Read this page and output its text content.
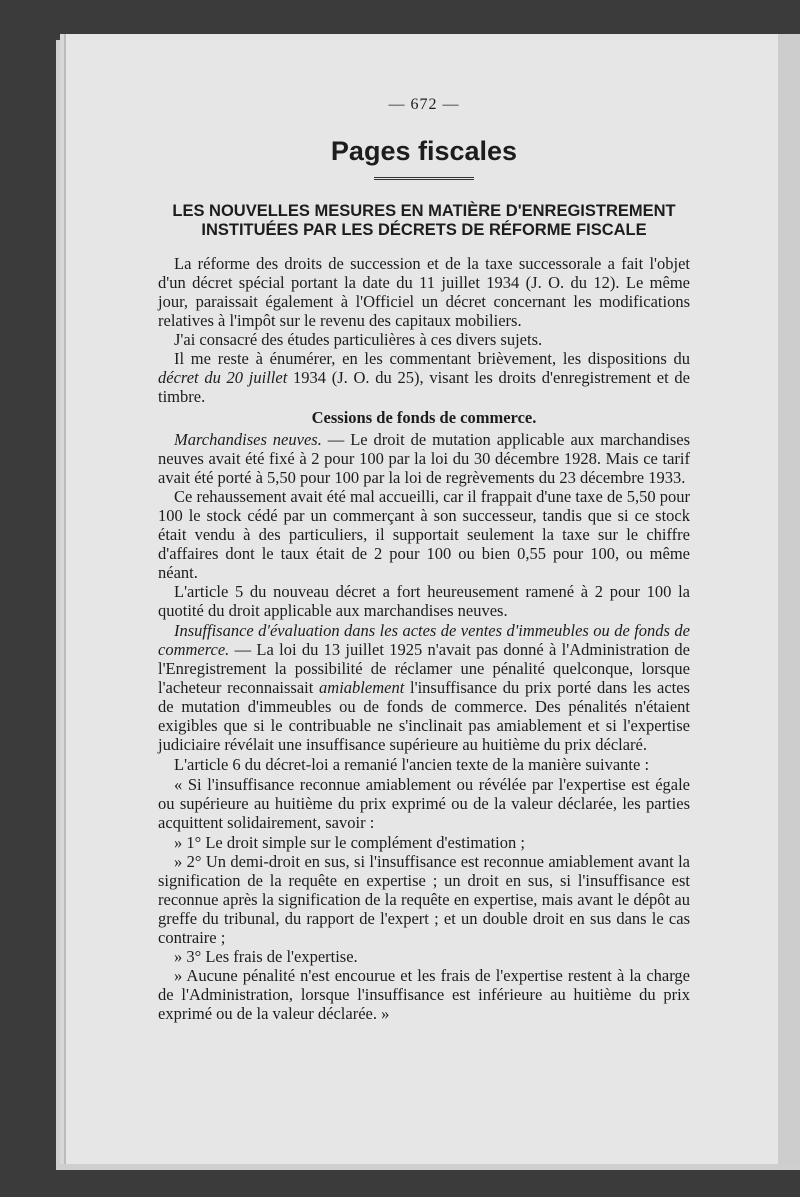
— 672 —
Pages fiscales
LES NOUVELLES MESURES EN MATIÈRE D'ENREGISTREMENT INSTITUÉES PAR LES DÉCRETS DE RÉFORME FISCALE

La réforme des droits de succession et de la taxe successorale a fait l'objet d'un décret spécial portant la date du 11 juillet 1934 (J. O. du 12). Le même jour, paraissait également à l'Officiel un décret concernant les modifications relatives à l'impôt sur le revenu des capitaux mobiliers.

J'ai consacré des études particulières à ces divers sujets.

Il me reste à énumérer, en les commentant brièvement, les dispositions du décret du 20 juillet 1934 (J. O. du 25), visant les droits d'enregistrement et de timbre.

Cessions de fonds de commerce.

Marchandises neuves. — Le droit de mutation applicable aux marchandises neuves avait été fixé à 2 pour 100 par la loi du 30 décembre 1928. Mais ce tarif avait été porté à 5,50 pour 100 par la loi de regrèvements du 23 décembre 1933.

Ce rehaussement avait été mal accueilli, car il frappait d'une taxe de 5,50 pour 100 le stock cédé par un commerçant à son successeur, tandis que si ce stock était vendu à des particuliers, il supportait seulement la taxe sur le chiffre d'affaires dont le taux était de 2 pour 100 ou bien 0,55 pour 100, ou même néant.

L'article 5 du nouveau décret a fort heureusement ramené à 2 pour 100 la quotité du droit applicable aux marchandises neuves.

Insuffisance d'évaluation dans les actes de ventes d'immeubles ou de fonds de commerce. — La loi du 13 juillet 1925 n'avait pas donné à l'Administration de l'Enregistrement la possibilité de réclamer une pénalité quelconque, lorsque l'acheteur reconnaissait amiablement l'insuffisance du prix porté dans les actes de mutation d'immeubles ou de fonds de commerce. Des pénalités n'étaient exigibles que si le contribuable ne s'inclinait pas amiablement et si l'expertise judiciaire révélait une insuffisance supérieure au huitième du prix déclaré.

L'article 6 du décret-loi a remanié l'ancien texte de la manière suivante :

« Si l'insuffisance reconnue amiablement ou révélée par l'expertise est égale ou supérieure au huitième du prix exprimé ou de la valeur déclarée, les parties acquittent solidairement, savoir :

» 1° Le droit simple sur le complément d'estimation ;

» 2° Un demi-droit en sus, si l'insuffisance est reconnue amiablement avant la signification de la requête en expertise ; un droit en sus, si l'insuffisance est reconnue après la signification de la requête en expertise, mais avant le dépôt au greffe du tribunal, du rapport de l'expert ; et un double droit en sus dans le cas contraire ;

» 3° Les frais de l'expertise.

» Aucune pénalité n'est encourue et les frais de l'expertise restent à la charge de l'Administration, lorsque l'insuffisance est inférieure au huitième du prix exprimé ou de la valeur déclarée. »
